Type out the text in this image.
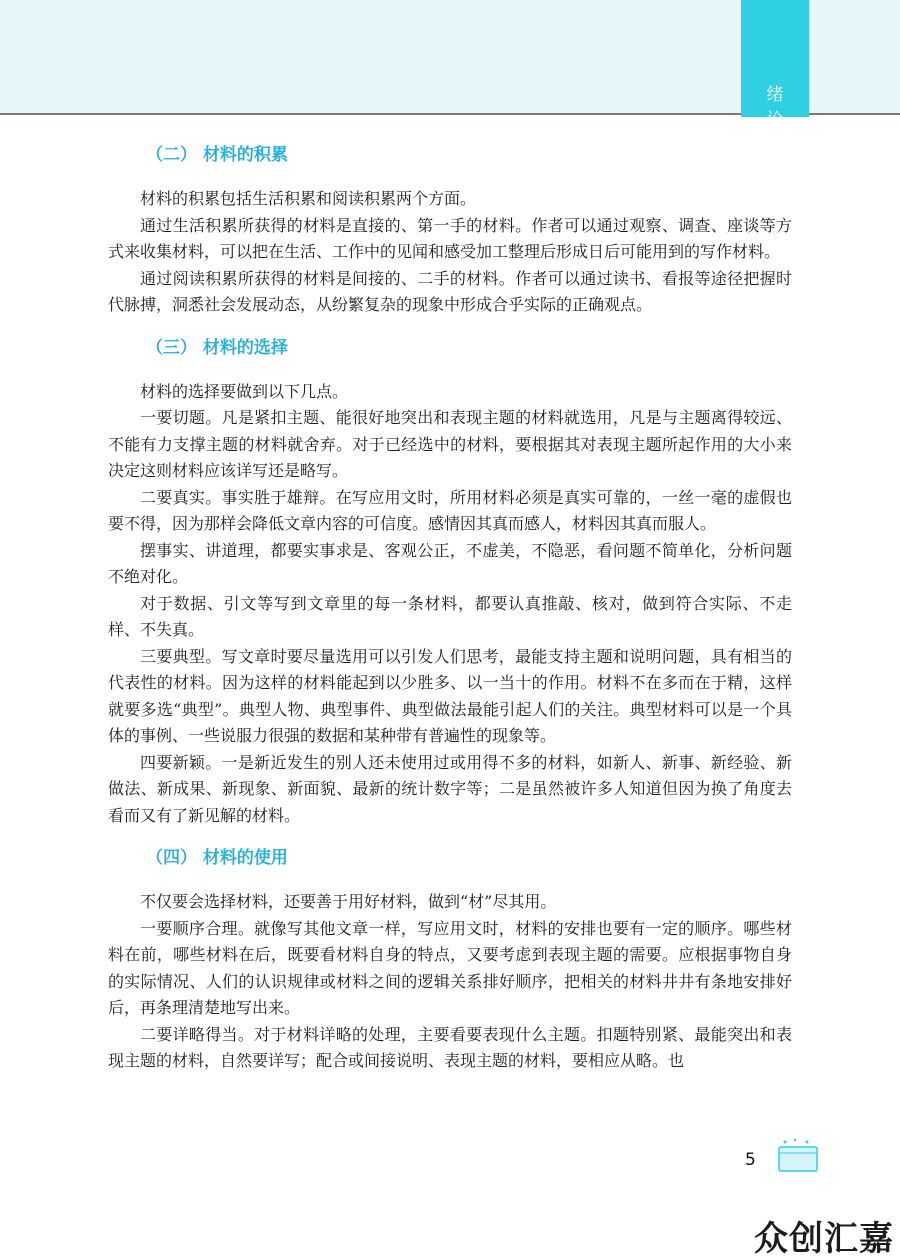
绪论
（二） 材料的积累

材料的积累包括生活积累和阅读积累两个方面。

通过生活积累所获得的材料是直接的、第一手的材料。作者可以通过观察、调查、座谈等方式来收集材料，可以把在生活、工作中的见闻和感受加工整理后形成日后可能用到的写作材料。

通过阅读积累所获得的材料是间接的、二手的材料。作者可以通过读书、看报等途径把握时代脉搏，洞悉社会发展动态，从纷繁复杂的现象中形成合乎实际的正确观点。

（三） 材料的选择

材料的选择要做到以下几点。

一要切题。凡是紧扣主题、能很好地突出和表现主题的材料就选用，凡是与主题离得较远、不能有力支撑主题的材料就舍弃。对于已经选中的材料，要根据其对表现主题所起作用的大小来决定这则材料应该详写还是略写。

二要真实。事实胜于雄辩。在写应用文时，所用材料必须是真实可靠的，一丝一毫的虚假也要不得，因为那样会降低文章内容的可信度。感情因其真而感人，材料因其真而服人。

摆事实、讲道理，都要实事求是、客观公正，不虚美，不隐恶，看问题不简单化，分析问题不绝对化。

对于数据、引文等写到文章里的每一条材料，都要认真推敲、核对，做到符合实际、不走样、不失真。

三要典型。写文章时要尽量选用可以引发人们思考，最能支持主题和说明问题，具有相当的代表性的材料。因为这样的材料能起到以少胜多、以一当十的作用。材料不在多而在于精，这样就要多选“典型”。典型人物、典型事件、典型做法最能引起人们的关注。典型材料可以是一个具体的事例、一些说服力很强的数据和某种带有普遍性的现象等。

四要新颖。一是新近发生的别人还未使用过或用得不多的材料，如新人、新事、新经验、新做法、新成果、新现象、新面貌、最新的统计数字等；二是虽然被许多人知道但因为换了角度去看而又有了新见解的材料。

（四） 材料的使用

不仅要会选择材料，还要善于用好材料，做到“材”尽其用。

一要顺序合理。就像写其他文章一样，写应用文时，材料的安排也要有一定的顺序。哪些材料在前，哪些材料在后，既要看材料自身的特点，又要考虑到表现主题的需要。应根据事物自身的实际情况、人们的认识规律或材料之间的逻辑关系排好顺序，把相关的材料井井有条地安排好后，再条理清楚地写出来。

二要详略得当。对于材料详略的处理，主要看要表现什么主题。扣题特别紧、最能突出和表现主题的材料，自然要详写；配合或间接说明、表现主题的材料，要相应从略。也

5
众创汇嘉
